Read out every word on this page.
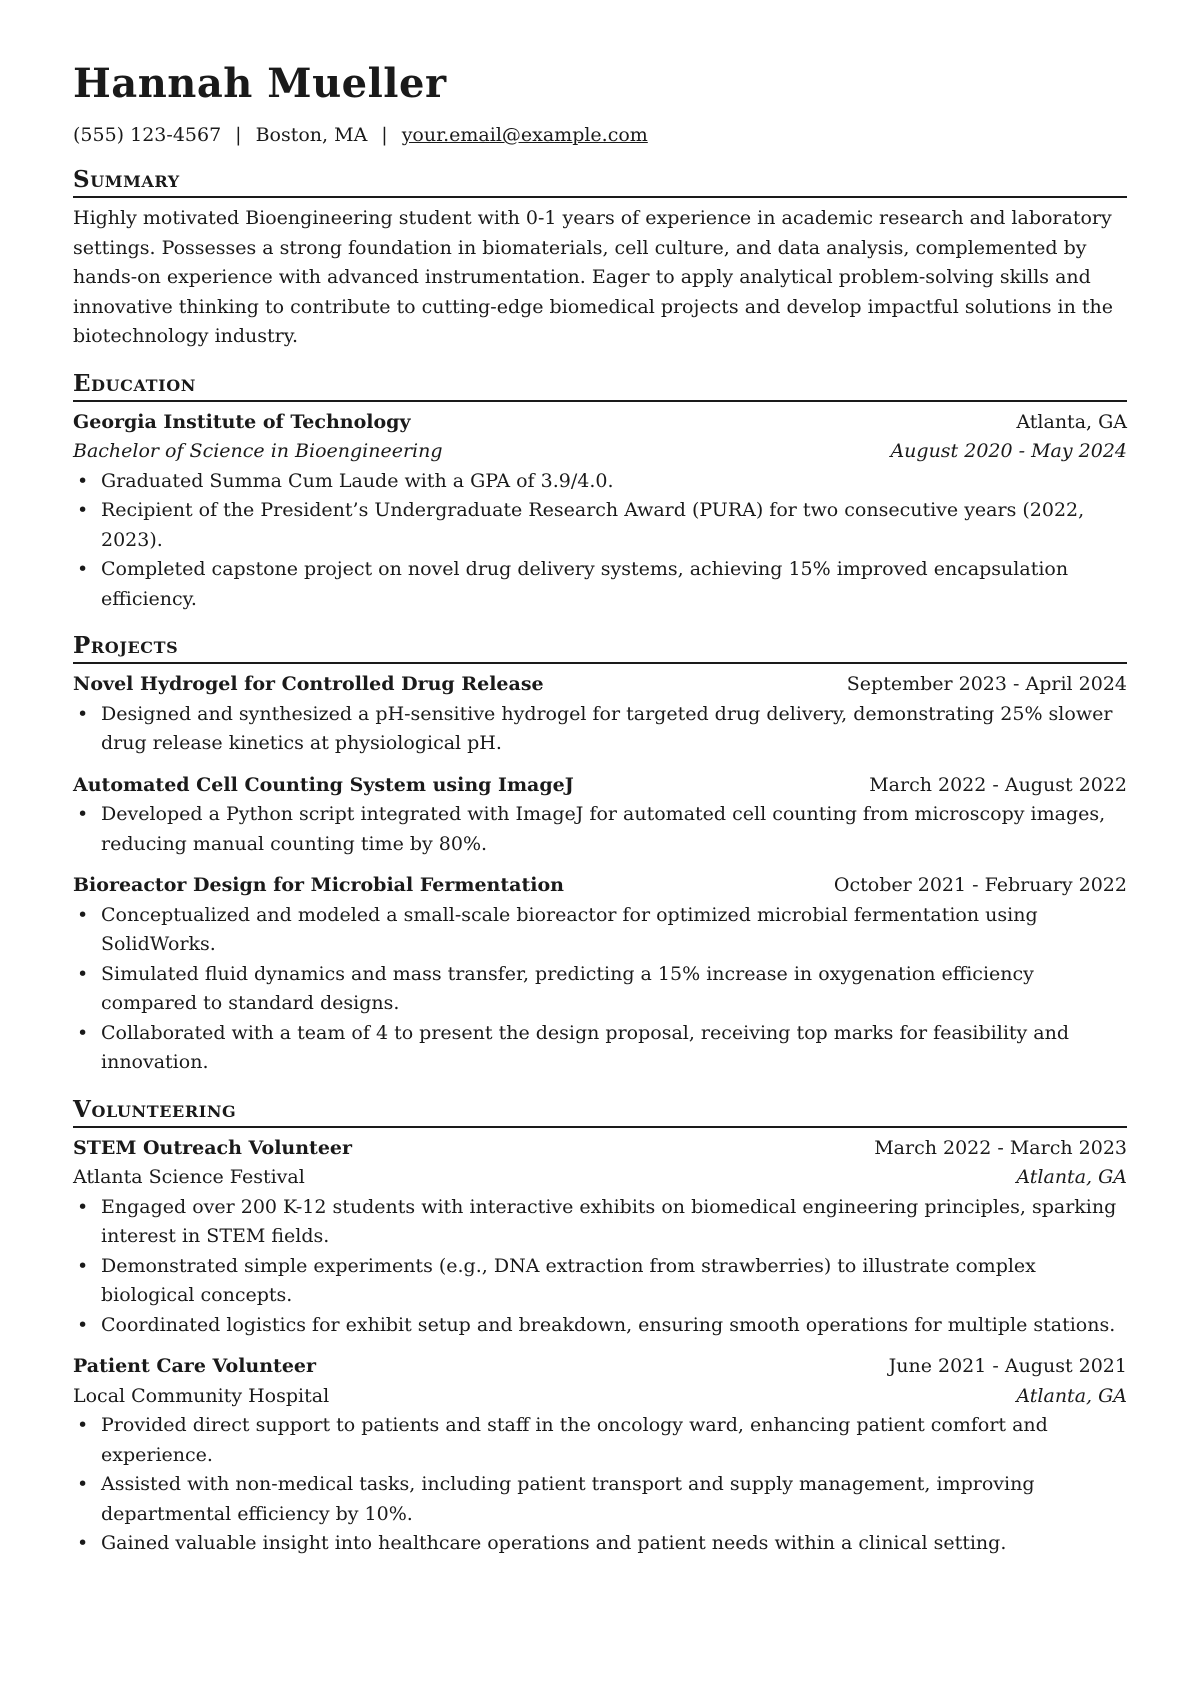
Hannah Mueller
(555) 123-4567 | Boston, MA | your.email@example.com
Summary

Highly motivated Bioengineering student with 0-1 years of experience in academic research and laboratory settings. Possesses a strong foundation in biomaterials, cell culture, and data analysis, complemented by hands-on experience with advanced instrumentation. Eager to apply analytical problem-solving skills and innovative thinking to contribute to cutting-edge biomedical projects and develop impactful solutions in the biotechnology industry.

Education
Georgia Institute of Technology	Atlanta, GA
Bachelor of Science in Bioengineering	August 2020 - May 2024
• Graduated Summa Cum Laude with a GPA of 3.9/4.0.
• Recipient of the President’s Undergraduate Research Award (PURA) for two consecutive years (2022, 2023).
• Completed capstone project on novel drug delivery systems, achieving 15% improved encapsulation efficiency.
Projects
Novel Hydrogel for Controlled Drug Release	September 2023 - April 2024
• Designed and synthesized a pH-sensitive hydrogel for targeted drug delivery, demonstrating 25% slower drug release kinetics at physiological pH.
Automated Cell Counting System using ImageJ	March 2022 - August 2022
• Developed a Python script integrated with ImageJ for automated cell counting from microscopy images, reducing manual counting time by 80%.
Bioreactor Design for Microbial Fermentation	October 2021 - February 2022
• Conceptualized and modeled a small-scale bioreactor for optimized microbial fermentation using SolidWorks.
• Simulated fluid dynamics and mass transfer, predicting a 15% increase in oxygenation efficiency compared to standard designs.
• Collaborated with a team of 4 to present the design proposal, receiving top marks for feasibility and innovation.
Volunteering
STEM Outreach Volunteer	March 2022 - March 2023
Atlanta Science Festival	Atlanta, GA
• Engaged over 200 K-12 students with interactive exhibits on biomedical engineering principles, sparking interest in STEM fields.
• Demonstrated simple experiments (e.g., DNA extraction from strawberries) to illustrate complex biological concepts.
• Coordinated logistics for exhibit setup and breakdown, ensuring smooth operations for multiple stations.
Patient Care Volunteer	June 2021 - August 2021
Local Community Hospital	Atlanta, GA
• Provided direct support to patients and staff in the oncology ward, enhancing patient comfort and experience.
• Assisted with non-medical tasks, including patient transport and supply management, improving departmental efficiency by 10%.
• Gained valuable insight into healthcare operations and patient needs within a clinical setting.
